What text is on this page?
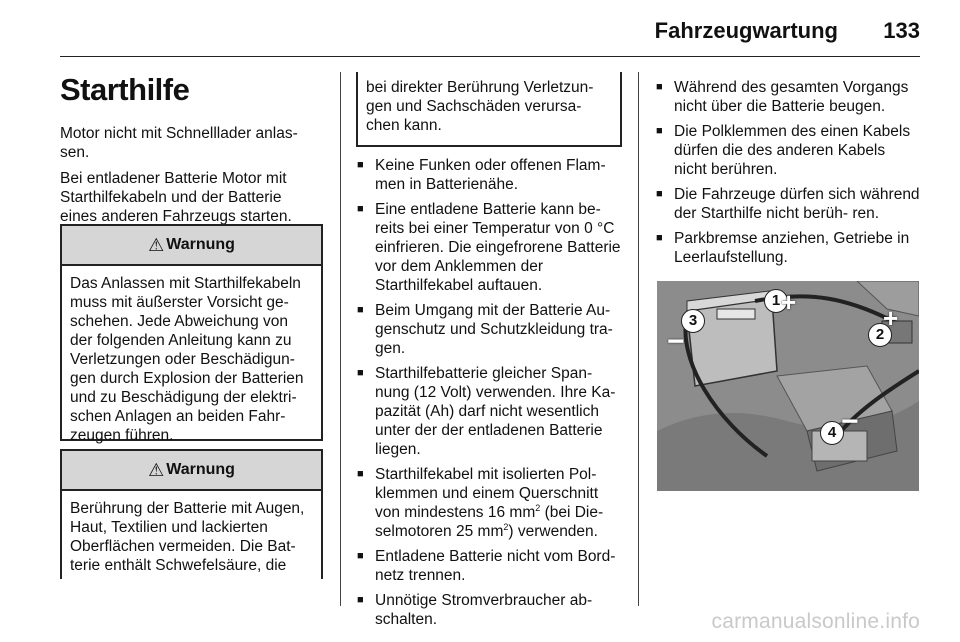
Fahrzeugwartung 133
Starthilfe

Motor nicht mit Schnelllader anlas- sen.

Bei entladener Batterie Motor mit Starthilfekabeln und der Batterie eines anderen Fahrzeugs starten.

⚠ Warnung
Das Anlassen mit Starthilfekabeln muss mit äußerster Vorsicht ge- schehen. Jede Abweichung von der folgenden Anleitung kann zu Verletzungen oder Beschädigun- gen durch Explosion der Batterien und zu Beschädigung der elektri- schen Anlagen an beiden Fahr- zeugen führen.
⚠ Warnung
Berührung der Batterie mit Augen, Haut, Textilien und lackierten Oberflächen vermeiden. Die Bat- terie enthält Schwefelsäure, die
bei direkter Berührung Verletzun- gen und Sachschäden verursa- chen kann.
■ Keine Funken oder offenen Flam- men in Batterienähe.
■ Eine entladene Batterie kann be- reits bei einer Temperatur von 0 °C einfrieren. Die eingefrorene Batterie vor dem Anklemmen der Starthilfekabel auftauen.
■ Beim Umgang mit der Batterie Au- genschutz und Schutzkleidung tra- gen.
■ Starthilfebatterie gleicher Span- nung (12 Volt) verwenden. Ihre Ka- pazität (Ah) darf nicht wesentlich unter der der entladenen Batterie liegen.
■ Starthilfekabel mit isolierten Pol- klemmen und einem Querschnitt von mindestens 16 $mm^2$ (bei Die- selmotoren 25 $mm^2$) verwenden.
■ Entladene Batterie nicht vom Bord- netz trennen.
■ Unnötige Stromverbraucher ab- schalten.
■ Während des gesamten Vorgangs nicht über die Batterie beugen.
■ Die Polklemmen des einen Kabels dürfen die des anderen Kabels nicht berühren.
■ Die Fahrzeuge dürfen sich während der Starthilfe nicht berüh- ren.
■ Parkbremse anziehen, Getriebe in Leerlaufstellung.
1 +
2
+
3
−
4 −
carmanualsonline.info
